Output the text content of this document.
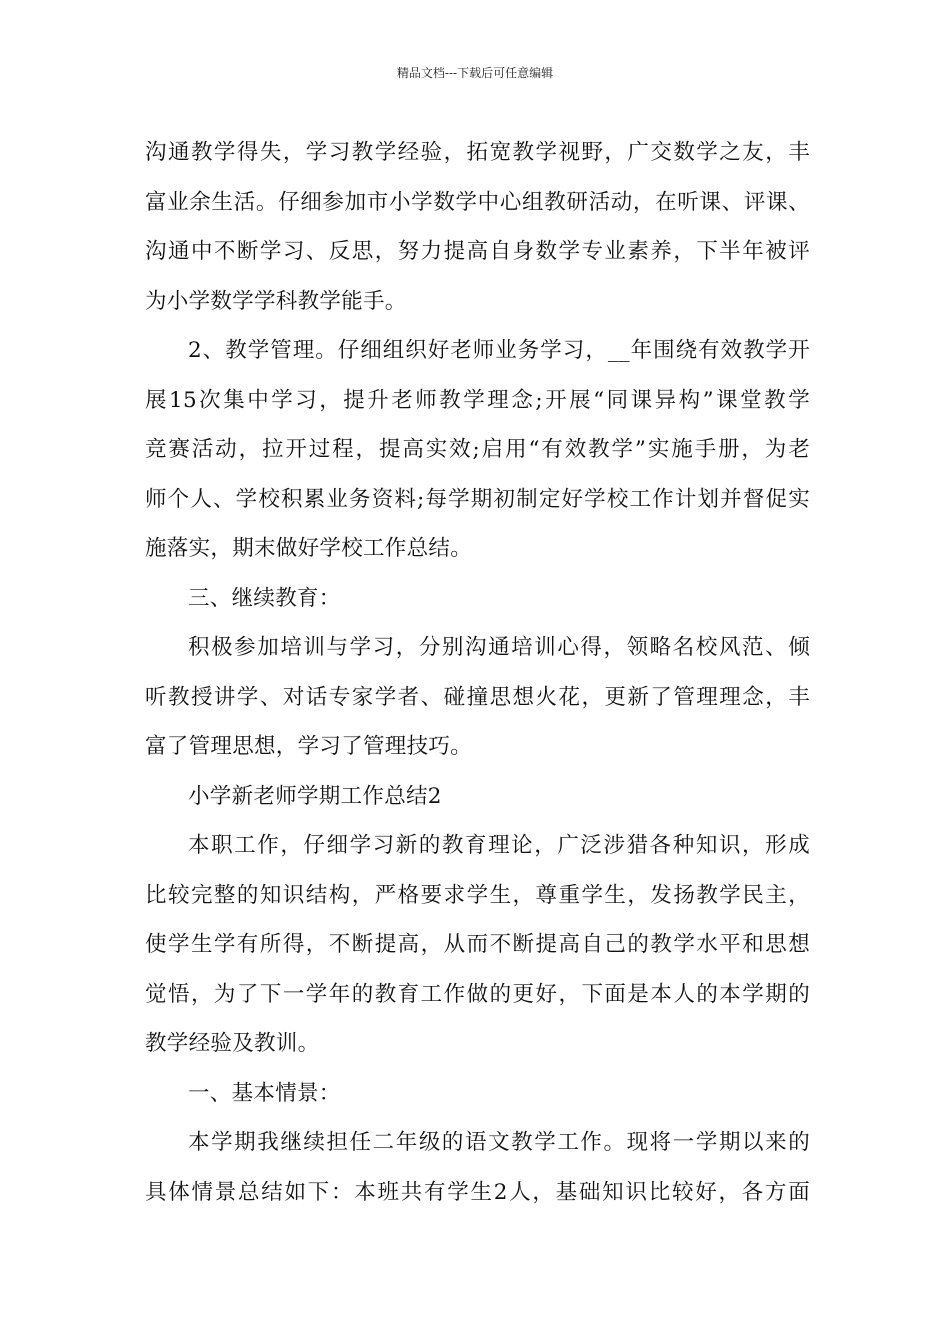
精品文档---下载后可任意编辑
沟通教学得失，学习教学经验，拓宽教学视野，广交数学之友，丰
富业余生活。仔细参加市小学数学中心组教研活动，在听课、评课、
沟通中不断学习、反思，努力提高自身数学专业素养，下半年被评
为小学数学学科教学能手。
2、教学管理。仔细组织好老师业务学习，__年围绕有效教学开
展15次集中学习，提升老师教学理念;开展“同课异构”课堂教学
竞赛活动，拉开过程，提高实效;启用“有效教学”实施手册，为老
师个人、学校积累业务资料;每学期初制定好学校工作计划并督促实
施落实，期末做好学校工作总结。
三、继续教育：
积极参加培训与学习，分别沟通培训心得，领略名校风范、倾
听教授讲学、对话专家学者、碰撞思想火花，更新了管理理念，丰
富了管理思想，学习了管理技巧。
小学新老师学期工作总结2
本职工作，仔细学习新的教育理论，广泛涉猎各种知识，形成
比较完整的知识结构，严格要求学生，尊重学生，发扬教学民主，
使学生学有所得，不断提高，从而不断提高自己的教学水平和思想
觉悟，为了下一学年的教育工作做的更好，下面是本人的本学期的
教学经验及教训。
一、基本情景：
本学期我继续担任二年级的语文教学工作。现将一学期以来的
具体情景总结如下：本班共有学生2人，基础知识比较好，各方面
